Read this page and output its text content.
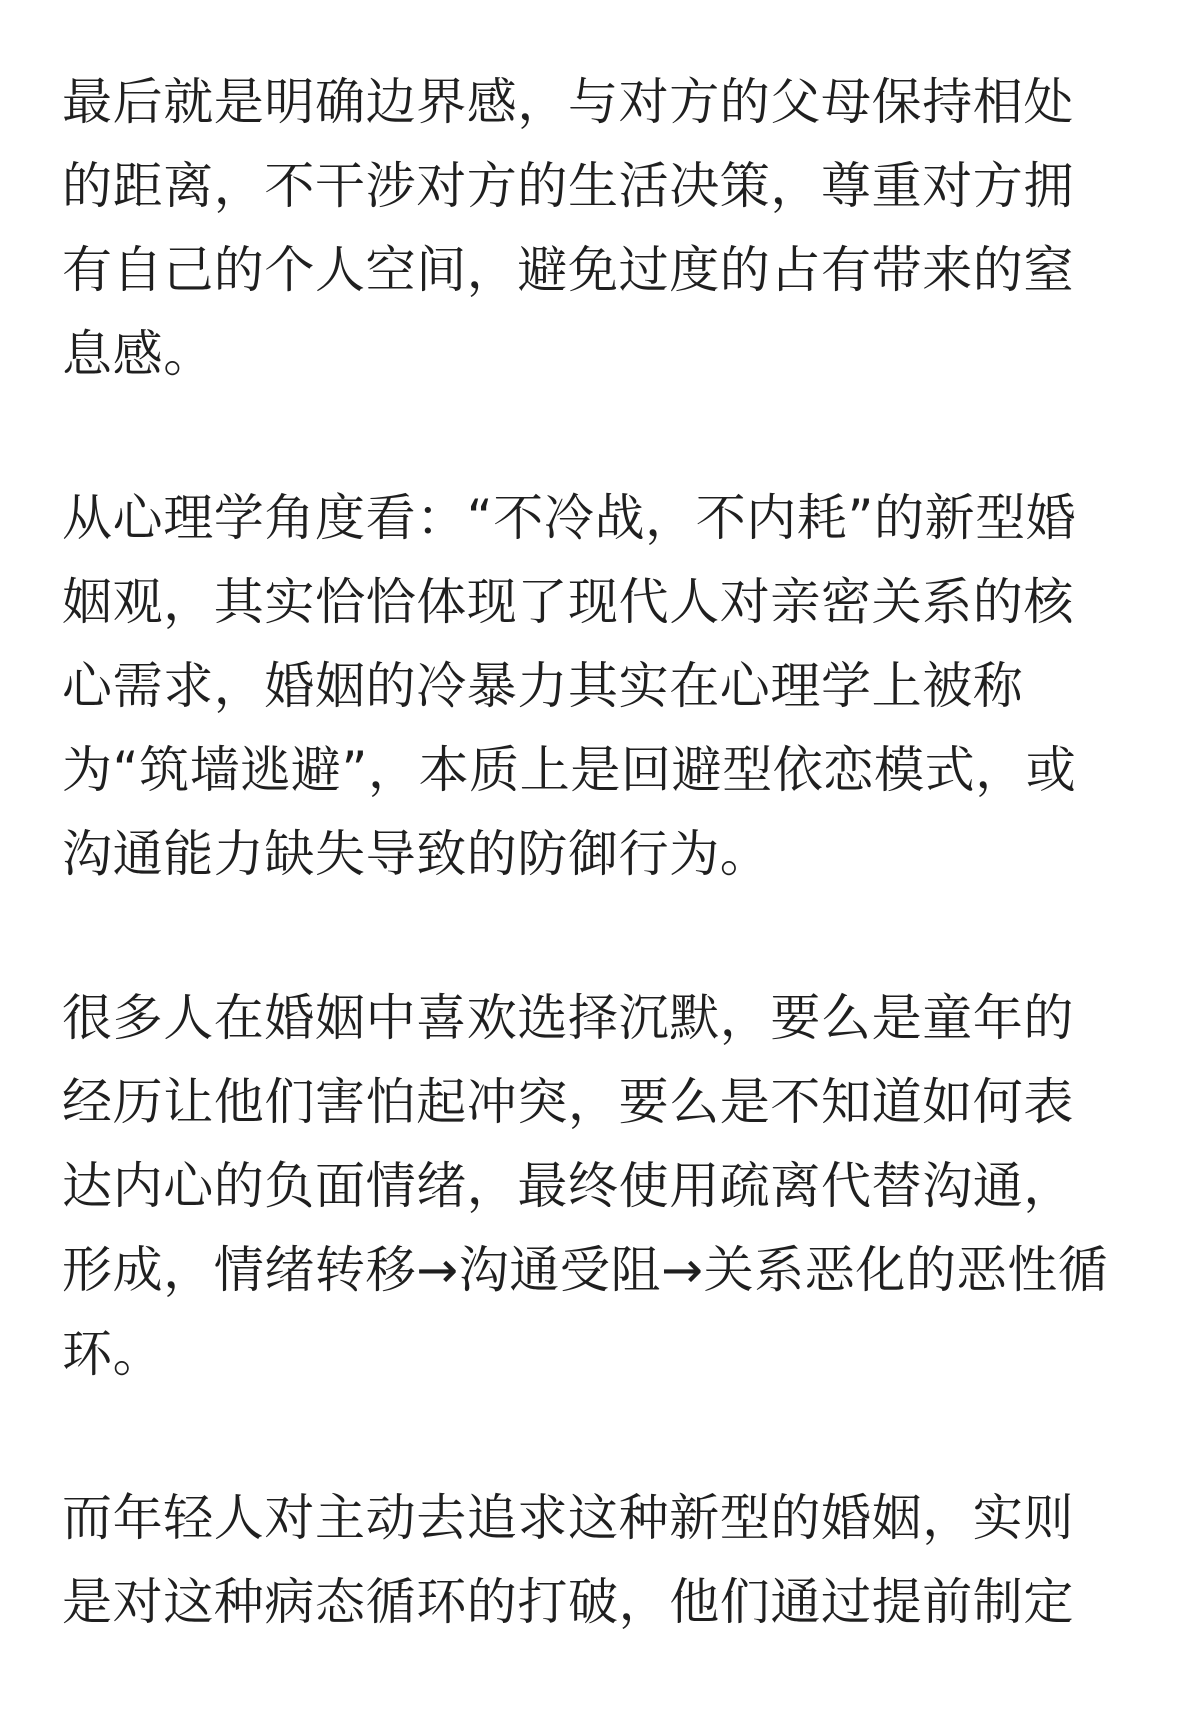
最后就是明确边界感，与对方的父母保持相处的距离，不干涉对方的生活决策，尊重对方拥有自己的个人空间，避免过度的占有带来的窒息感。

从心理学角度看：“不冷战，不内耗”的新型婚姻观，其实恰恰体现了现代人对亲密关系的核心需求，婚姻的冷暴力其实在心理学上被称为“筑墙逃避”，本质上是回避型依恋模式，或沟通能力缺失导致的防御行为。

很多人在婚姻中喜欢选择沉默，要么是童年的经历让他们害怕起冲突，要么是不知道如何表达内心的负面情绪，最终使用疏离代替沟通，形成，情绪转移→沟通受阻→关系恶化的恶性循环。

而年轻人对主动去追求这种新型的婚姻，实则是对这种病态循环的打破，他们通过提前制定
